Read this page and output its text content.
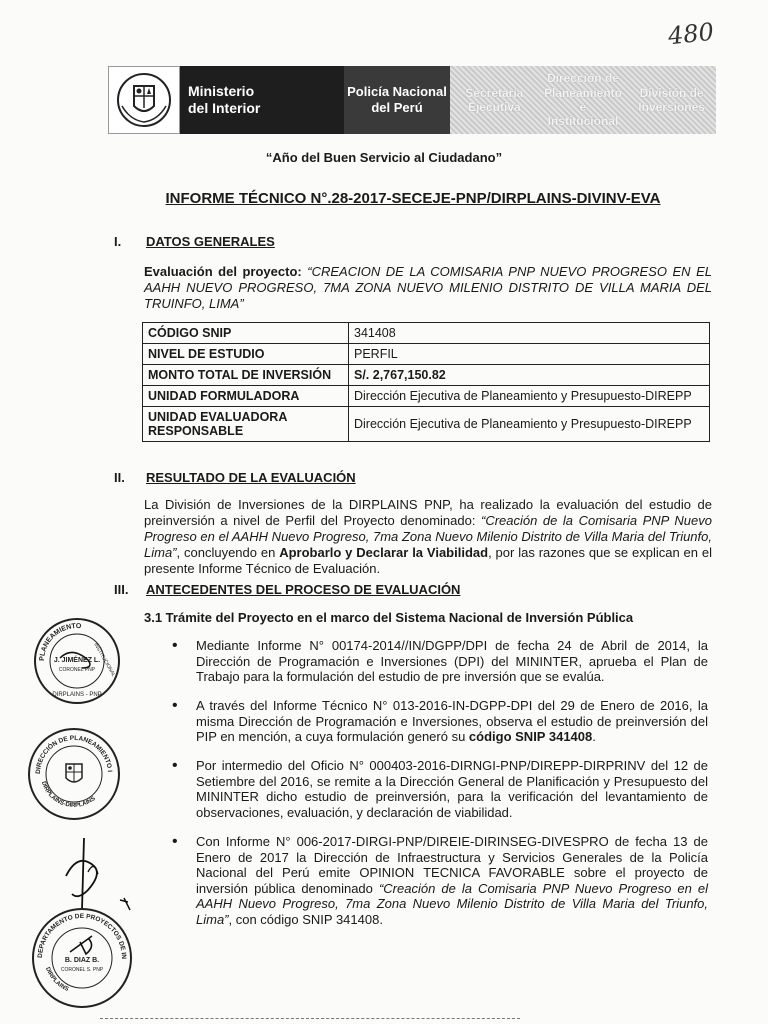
480
Ministerio
del Interior
Policía Nacional
del Perú
Secretaría
Ejecutiva
Dirección de
Planeamiento e
Institucional
División de
Inversiones
“Año del Buen Servicio al Ciudadano”
INFORME TÉCNICO N°.28-2017-SECEJE-PNP/DIRPLAINS-DIVINV-EVA
I. DATOS GENERALES
Evaluación del proyecto: “CREACION DE LA COMISARIA PNP NUEVO PROGRESO EN EL AAHH NUEVO PROGRESO, 7MA ZONA NUEVO MILENIO DISTRITO DE VILLA MARIA DEL TRUINFO, LIMA”
CÓDIGO SNIP	341408
NIVEL DE ESTUDIO	PERFIL
MONTO TOTAL DE INVERSIÓN	S/. 2,767,150.82
UNIDAD FORMULADORA	Dirección Ejecutiva de Planeamiento y Presupuesto-DIREPP
UNIDAD EVALUADORA RESPONSABLE	Dirección Ejecutiva de Planeamiento y Presupuesto-DIREPP
II. RESULTADO DE LA EVALUACIÓN
La División de Inversiones de la DIRPLAINS PNP, ha realizado la evaluación del estudio de preinversión a nivel de Perfil del Proyecto denominado: “Creación de la Comisaria PNP Nuevo Progreso en el AAHH Nuevo Progreso, 7ma Zona Nuevo Milenio Distrito de Villa Maria del Triunfo, Lima”, concluyendo en Aprobarlo y Declarar la Viabilidad, por las razones que se explican en el presente Informe Técnico de Evaluación.
III. ANTECEDENTES DEL PROCESO DE EVALUACIÓN
3.1 Trámite del Proyecto en el marco del Sistema Nacional de Inversión Pública
• Mediante Informe N° 00174-2014//IN/DGPP/DPI de fecha 24 de Abril de 2014, la Dirección de Programación e Inversiones (DPI) del MININTER, aprueba el Plan de Trabajo para la formulación del estudio de pre inversión que se evalúa.
• A través del Informe Técnico N° 013-2016-IN-DGPP-DPI del 29 de Enero de 2016, la misma Dirección de Programación e Inversiones, observa el estudio de preinversión del PIP en mención, a cuya formulación generó su código SNIP 341408.
• Por intermedio del Oficio N° 000403-2016-DIRNGI-PNP/DIREPP-DIRPRINV del 12 de Setiembre del 2016, se remite a la Dirección General de Planificación y Presupuesto del MININTER dicho estudio de preinversión, para la verificación del levantamiento de observaciones, evaluación, y declaración de viabilidad.
• Con Informe N° 006-2017-DIRGI-PNP/DIREIE-DIRINSEG-DIVESPRO de fecha 13 de Enero de 2017 la Dirección de Infraestructura y Servicios Generales de la Policía Nacional del Perú emite OPINION TECNICA FAVORABLE sobre el proyecto de inversión pública denominado “Creación de la Comisaria PNP Nuevo Progreso en el AAHH Nuevo Progreso, 7ma Zona Nuevo Milenio Distrito de Villa Maria del Triunfo, Lima”, con código SNIP 341408.
PLANEAMIENTO
DIRPLAINS - PNP
INSTITUCIONAL
J. JIMÉNEZ L.
CORONEL PNP
DIRECCIÓN DE PLANEAMIENTO I
DIRPLAINS-DIRPLAINS
DEPARTAMENTO DE PROYECTOS DE IN
DIRPLAINS
B. DIAZ B.
CORONEL S. PNP
